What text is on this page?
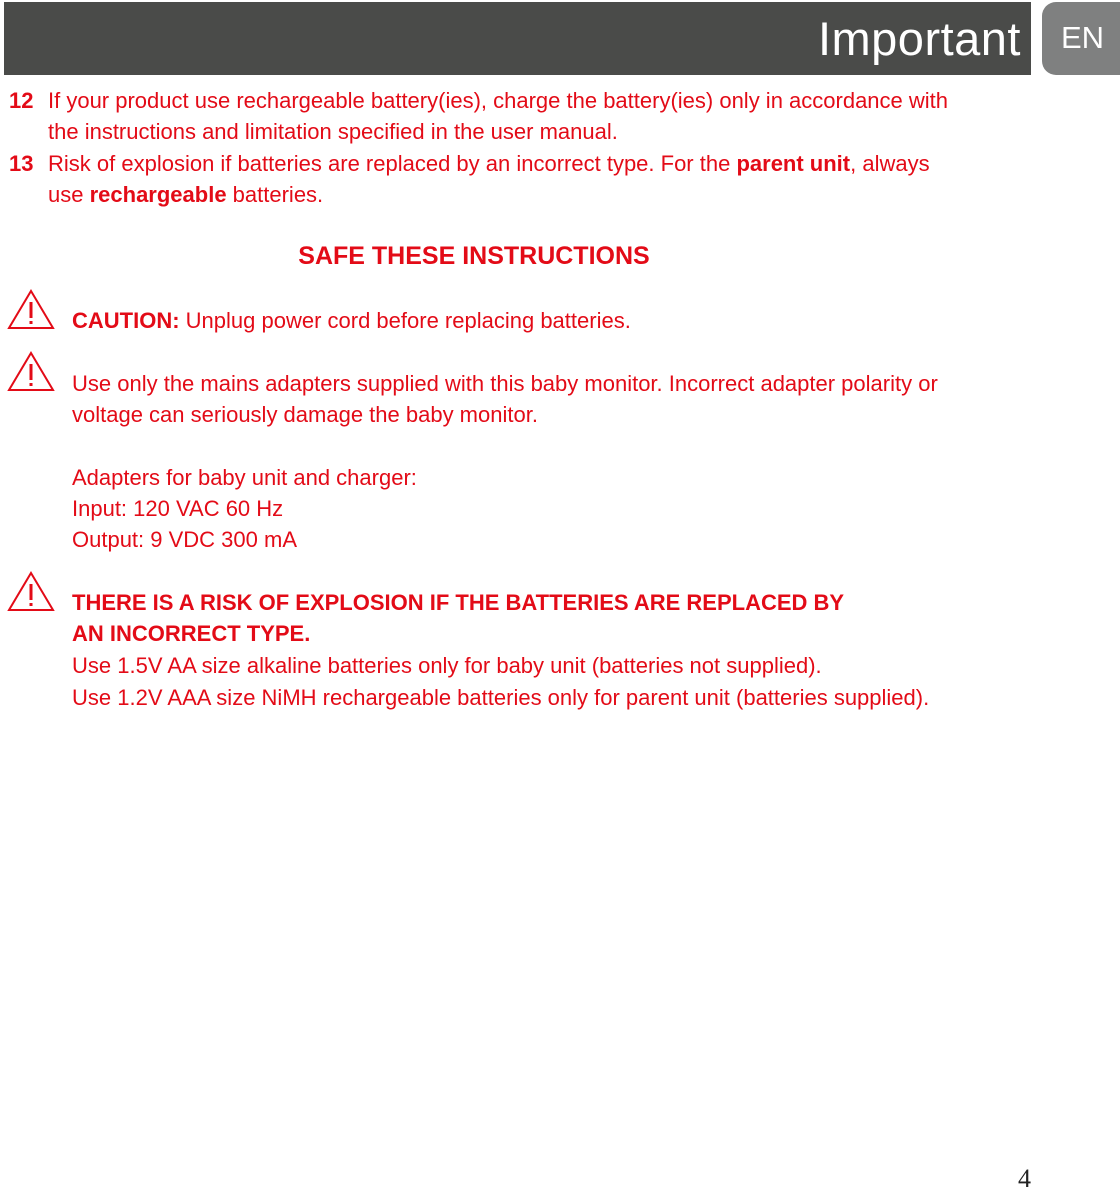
Important EN
12 If your product use rechargeable battery(ies), charge the battery(ies) only in accordance with
the instructions and limitation specified in the user manual.
13 Risk of explosion if batteries are replaced by an incorrect type. For the parent unit, always
use rechargeable batteries.
SAFE THESE INSTRUCTIONS
CAUTION: Unplug power cord before replacing batteries.
Use only the mains adapters supplied with this baby monitor. Incorrect adapter polarity or
voltage can seriously damage the baby monitor.
Adapters for baby unit and charger:
Input: 120 VAC 60 Hz
Output: 9 VDC 300 mA
THERE IS A RISK OF EXPLOSION IF THE BATTERIES ARE REPLACED BY
AN INCORRECT TYPE.
Use 1.5V AA size alkaline batteries only for baby unit (batteries not supplied).
Use 1.2V AAA size NiMH rechargeable batteries only for parent unit (batteries supplied).
4
